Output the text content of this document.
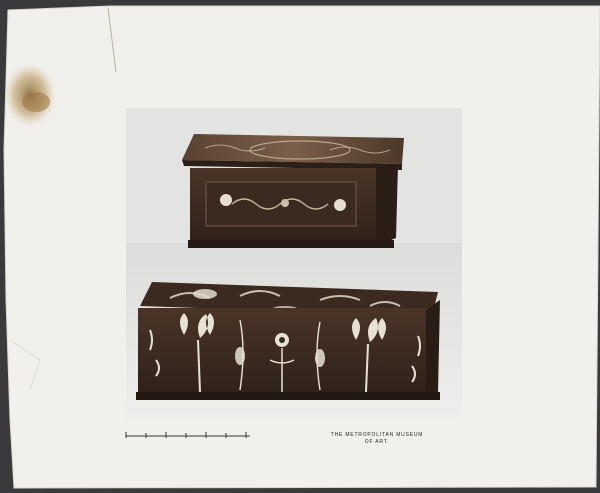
THE METROPOLITAN MUSEUM
OF ART.
